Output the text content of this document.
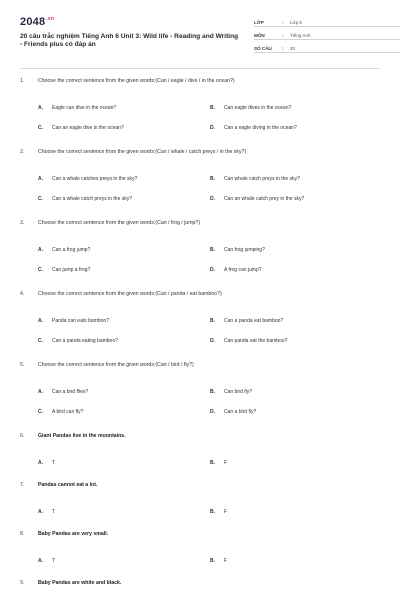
$2048^{.vn}$
20 câu trắc nghiệm Tiếng Anh 6 Unit 3: Wild life - Reading and Writing - Friends plus có đáp án
LỚP	:	Lớp 6
MÔN	:	Tiếng Anh
SỐ CÂU	:	20
1.	Choose the correct sentence from the given words:(Can / eagle / dive / in the ocean?)
A.	Eagle can dive in the ocean?	B.	Can eagle dives in the ocean?
C.	Can an eagle dive in the ocean?	D.	Can a eagle diving in the ocean?
2.	Choose the correct sentence from the given words:(Can / whale / catch preys / in the sky?)
A.	Can a whale catches preys in the sky?	B.	Can whale catch preys in the sky?
C.	Can a whale catch preys in the sky?	D.	Can an whale catch prey in the sky?
3.	Choose the correct sentence from the given words:(Can / frog / jump?)
A.	Can a frog jump?	B.	Can frog jumping?
C.	Can jump a frog?	D.	A frog can jump?
4.	Choose the correct sentence from the given words:(Can / panda / eat bamboo?)
A.	Panda can eats bamboo?	B.	Can a panda eat bamboo?
C.	Can a panda eating bamboo?	D.	Can panda eat the bamboo?
5.	Choose the correct sentence from the given words:(Can / bird / fly?)
A.	Can a bird flies?	B.	Can bird fly?
C.	A bird can fly?	D.	Can a bird fly?
6.	Giant Pandas live in the mountains.
A.	T	B.	F
7.	Pandas cannot eat a lot.
A.	T	B.	F
8.	Baby Pandas are very small.
A.	T	B.	F
9.	Baby Pandas are white and black.
